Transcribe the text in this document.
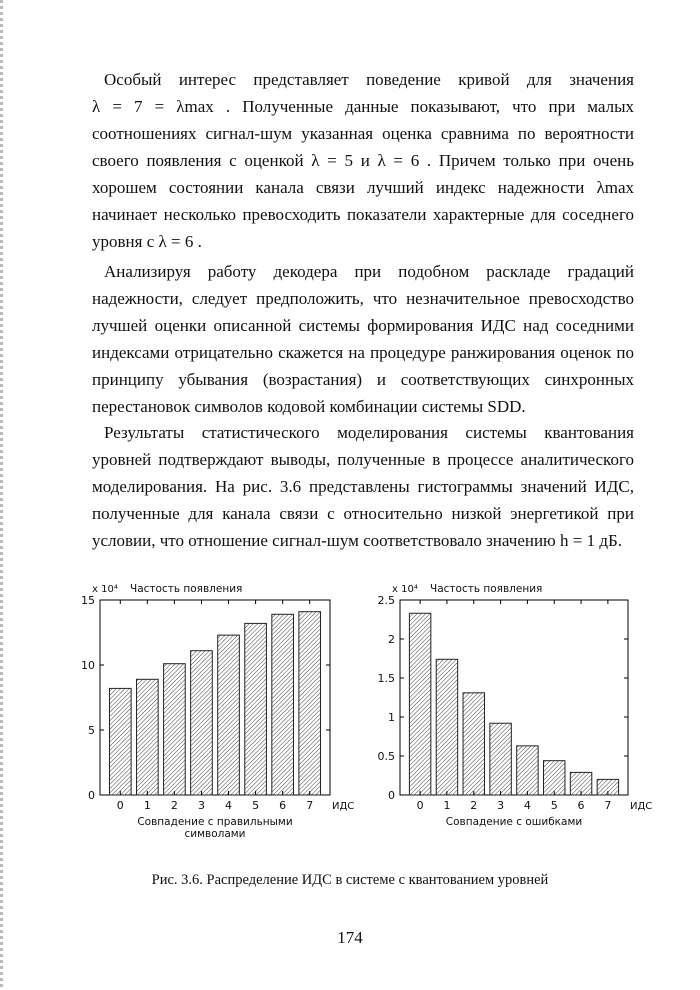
Особый интерес представляет поведение кривой для значения
λ = 7 = λmax . Полученные данные показывают, что при малых
соотношениях сигнал-шум указанная оценка сравнима по вероятности
своего появления с оценкой λ = 5 и λ = 6 . Причем только при очень
хорошем состоянии канала связи лучший индекс надежности λmax
начинает несколько превосходить показатели характерные для соседнего
уровня с λ = 6 .
Анализируя работу декодера при подобном раскладе градаций
надежности, следует предположить, что незначительное превосходство
лучшей оценки описанной системы формирования ИДС над соседними
индексами отрицательно скажется на процедуре ранжирования оценок по
принципу убывания (возрастания) и соответствующих синхронных
перестановок символов кодовой комбинации системы SDD.
Результаты статистического моделирования системы квантования
уровней подтверждают выводы, полученные в процессе аналитического
моделирования. На рис. 3.6 представлены гистограммы значений ИДС,
полученные для канала связи с относительно низкой энергетикой при
условии, что отношение сигнал-шум соответствовало значению h = 1 дБ.
0
5
10
15
0 1 2 3 4 5 6 7 ИДС
x 10⁴ Частость появления
Совпадение с правильными
символами
0
0.5
1
1.5
2
2.5
0 1 2 3 4 5 6 7 ИДС
x 10⁴ Частость появления
Совпадение с ошибками

Рис. 3.6. Распределение ИДС в системе с квантованием уровней

174
